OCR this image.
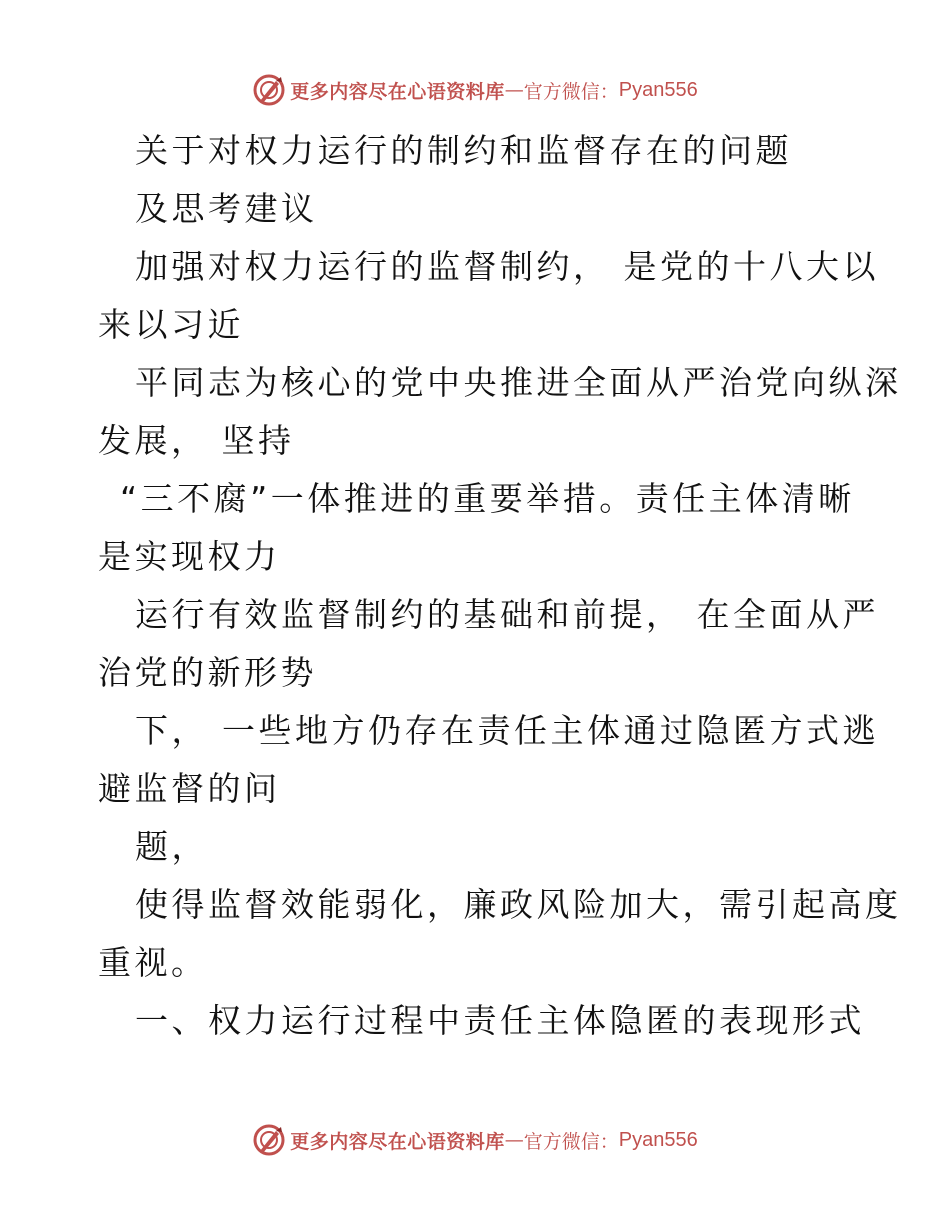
更多内容尽在心语资料库 — 官方微信： Pyan556

关于对权力运行的制约和监督存在的问题

及思考建议

加强对权力运行的监督制约， 是党的十八大以

来以习近

平同志为核心的党中央推进全面从严治党向纵深

发展， 坚持

“三不腐”一体推进的重要举措。责任主体清晰

是实现权力

运行有效监督制约的基础和前提， 在全面从严

治党的新形势

下， 一些地方仍存在责任主体通过隐匿方式逃

避监督的问

题，

使得监督效能弱化，廉政风险加大，需引起高度

重视。

一、权力运行过程中责任主体隐匿的表现形式

更多内容尽在心语资料库 — 官方微信： Pyan556
